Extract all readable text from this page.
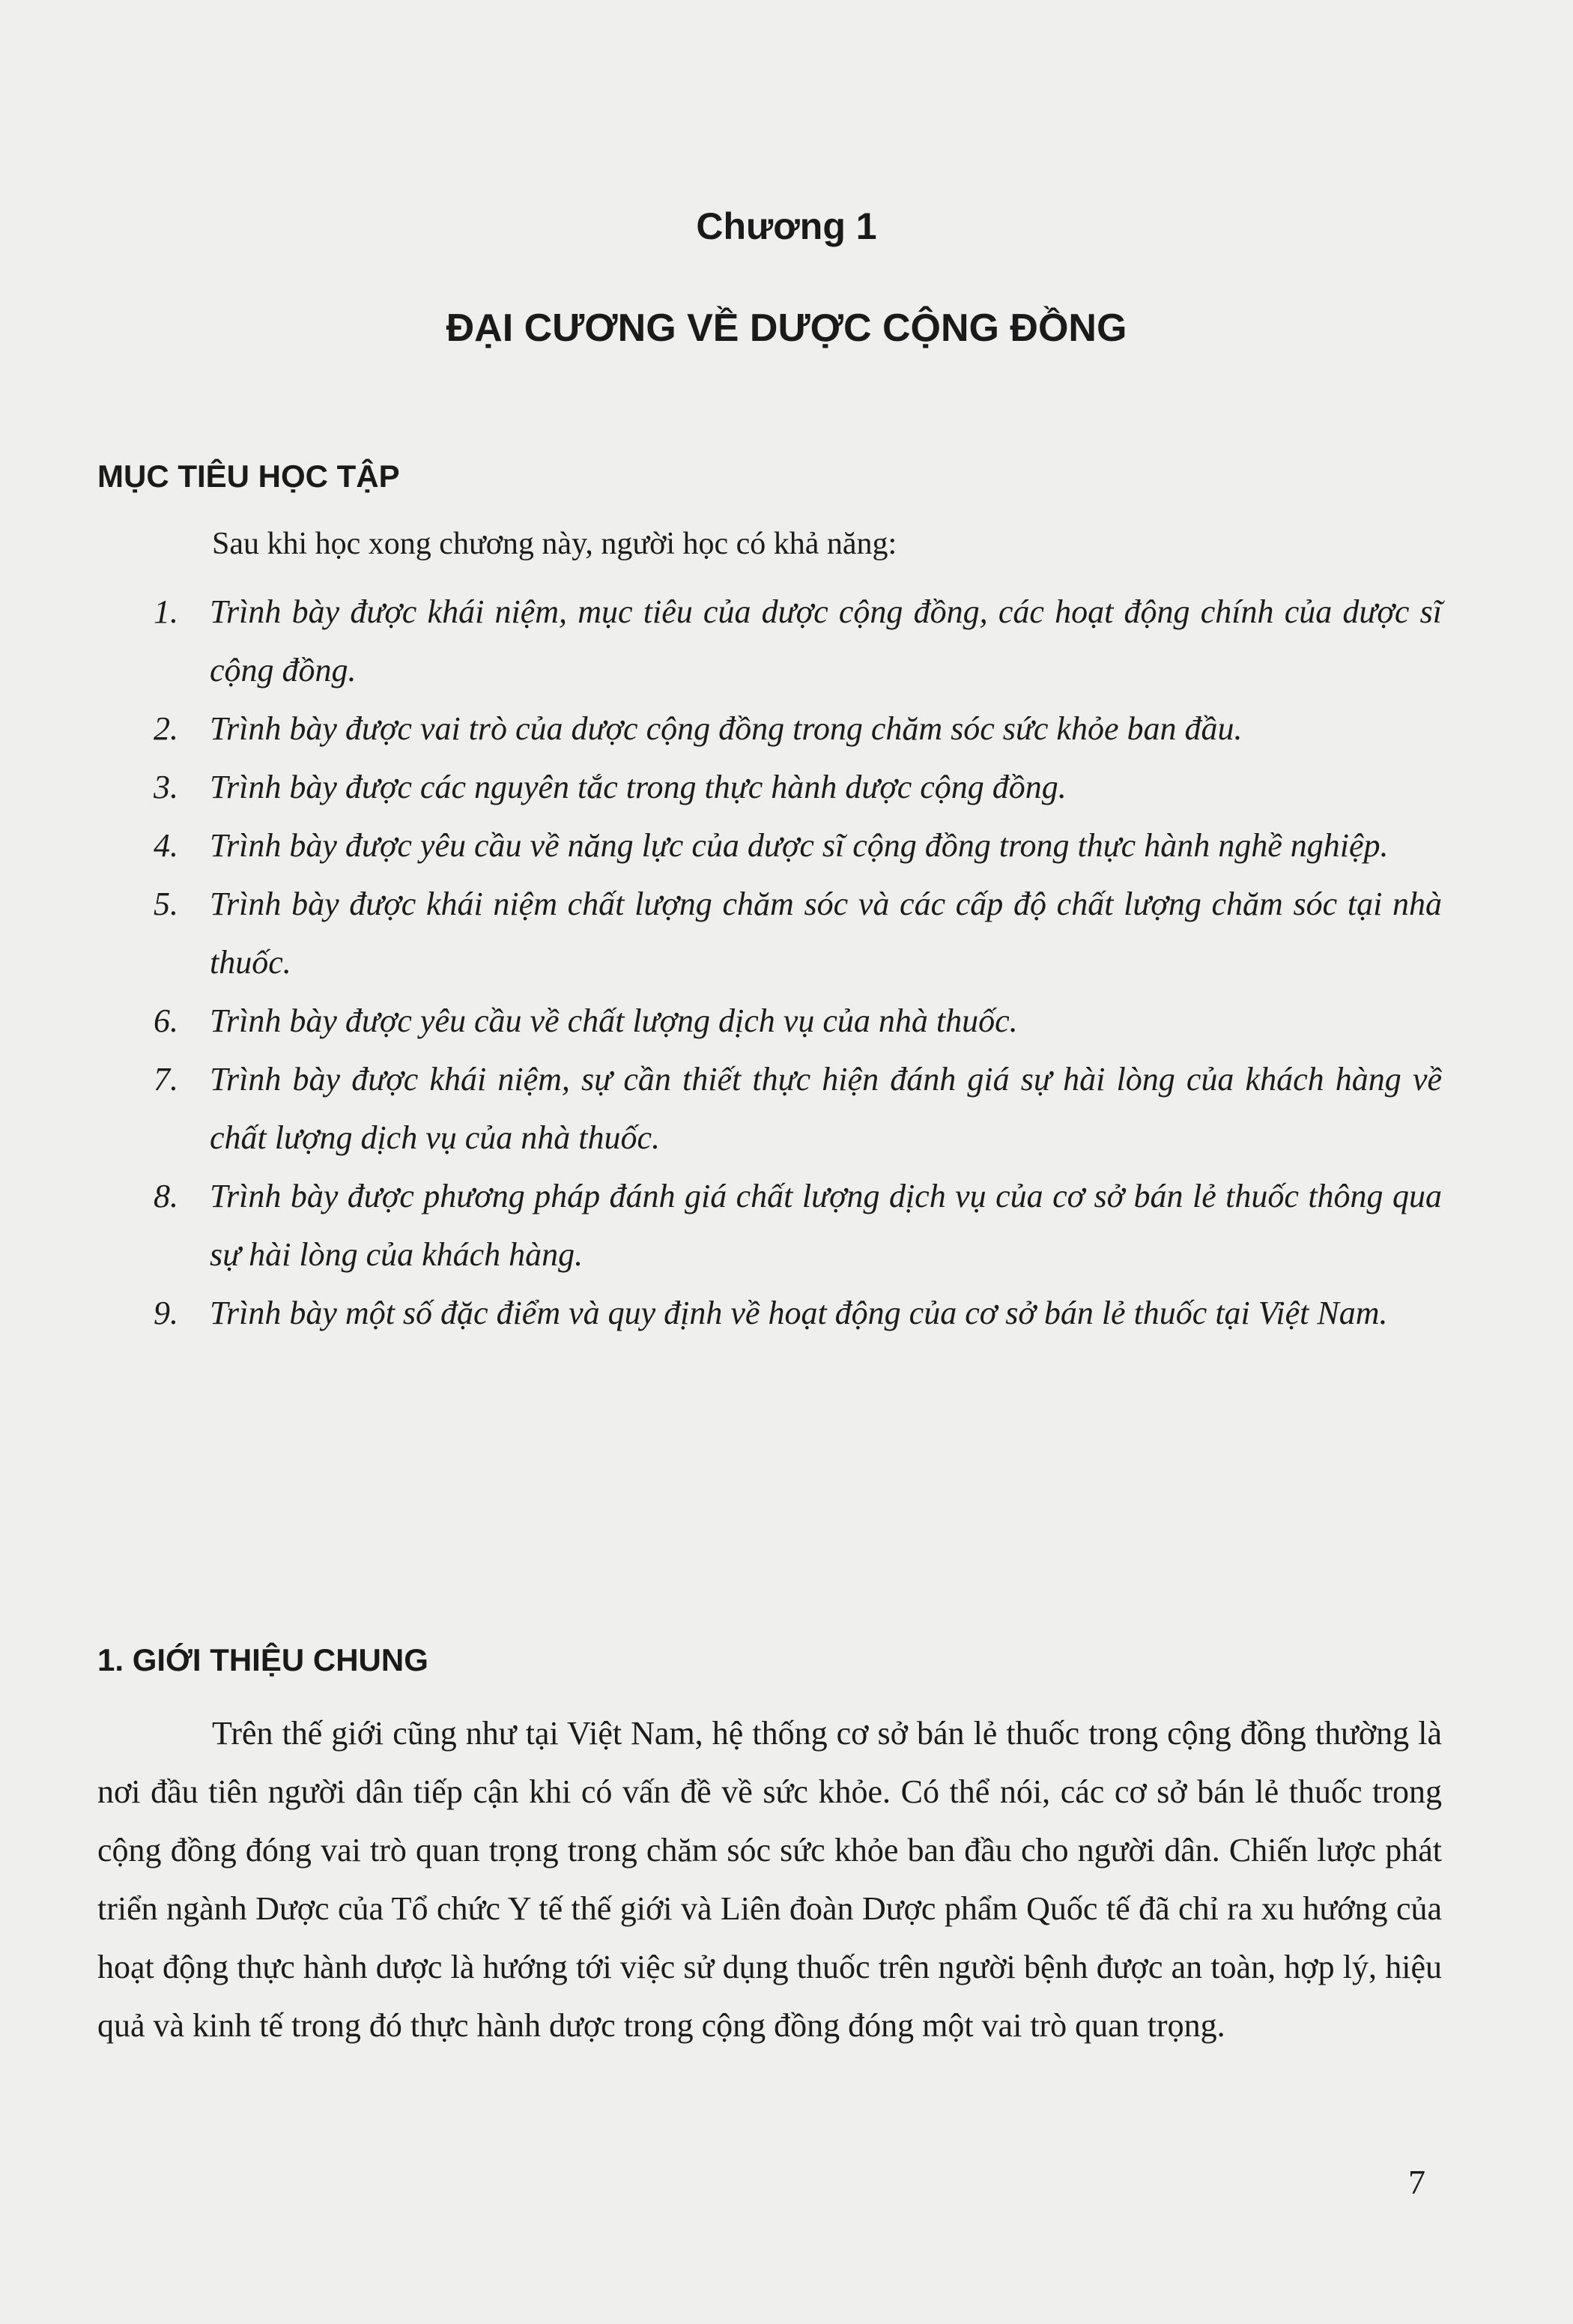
Chương 1
ĐẠI CƯƠNG VỀ DƯỢC CỘNG ĐỒNG
MỤC TIÊU HỌC TẬP
Sau khi học xong chương này, người học có khả năng:
1. Trình bày được khái niệm, mục tiêu của dược cộng đồng, các hoạt động chính của dược sĩ cộng đồng.
2. Trình bày được vai trò của dược cộng đồng trong chăm sóc sức khỏe ban đầu.
3. Trình bày được các nguyên tắc trong thực hành dược cộng đồng.
4. Trình bày được yêu cầu về năng lực của dược sĩ cộng đồng trong thực hành nghề nghiệp.
5. Trình bày được khái niệm chất lượng chăm sóc và các cấp độ chất lượng chăm sóc tại nhà thuốc.
6. Trình bày được yêu cầu về chất lượng dịch vụ của nhà thuốc.
7. Trình bày được khái niệm, sự cần thiết thực hiện đánh giá sự hài lòng của khách hàng về chất lượng dịch vụ của nhà thuốc.
8. Trình bày được phương pháp đánh giá chất lượng dịch vụ của cơ sở bán lẻ thuốc thông qua sự hài lòng của khách hàng.
9. Trình bày một số đặc điểm và quy định về hoạt động của cơ sở bán lẻ thuốc tại Việt Nam.
1. GIỚI THIỆU CHUNG

Trên thế giới cũng như tại Việt Nam, hệ thống cơ sở bán lẻ thuốc trong cộng đồng thường là nơi đầu tiên người dân tiếp cận khi có vấn đề về sức khỏe. Có thể nói, các cơ sở bán lẻ thuốc trong cộng đồng đóng vai trò quan trọng trong chăm sóc sức khỏe ban đầu cho người dân. Chiến lược phát triển ngành Dược của Tổ chức Y tế thế giới và Liên đoàn Dược phẩm Quốc tế đã chỉ ra xu hướng của hoạt động thực hành dược là hướng tới việc sử dụng thuốc trên người bệnh được an toàn, hợp lý, hiệu quả và kinh tế trong đó thực hành dược trong cộng đồng đóng một vai trò quan trọng.

7
